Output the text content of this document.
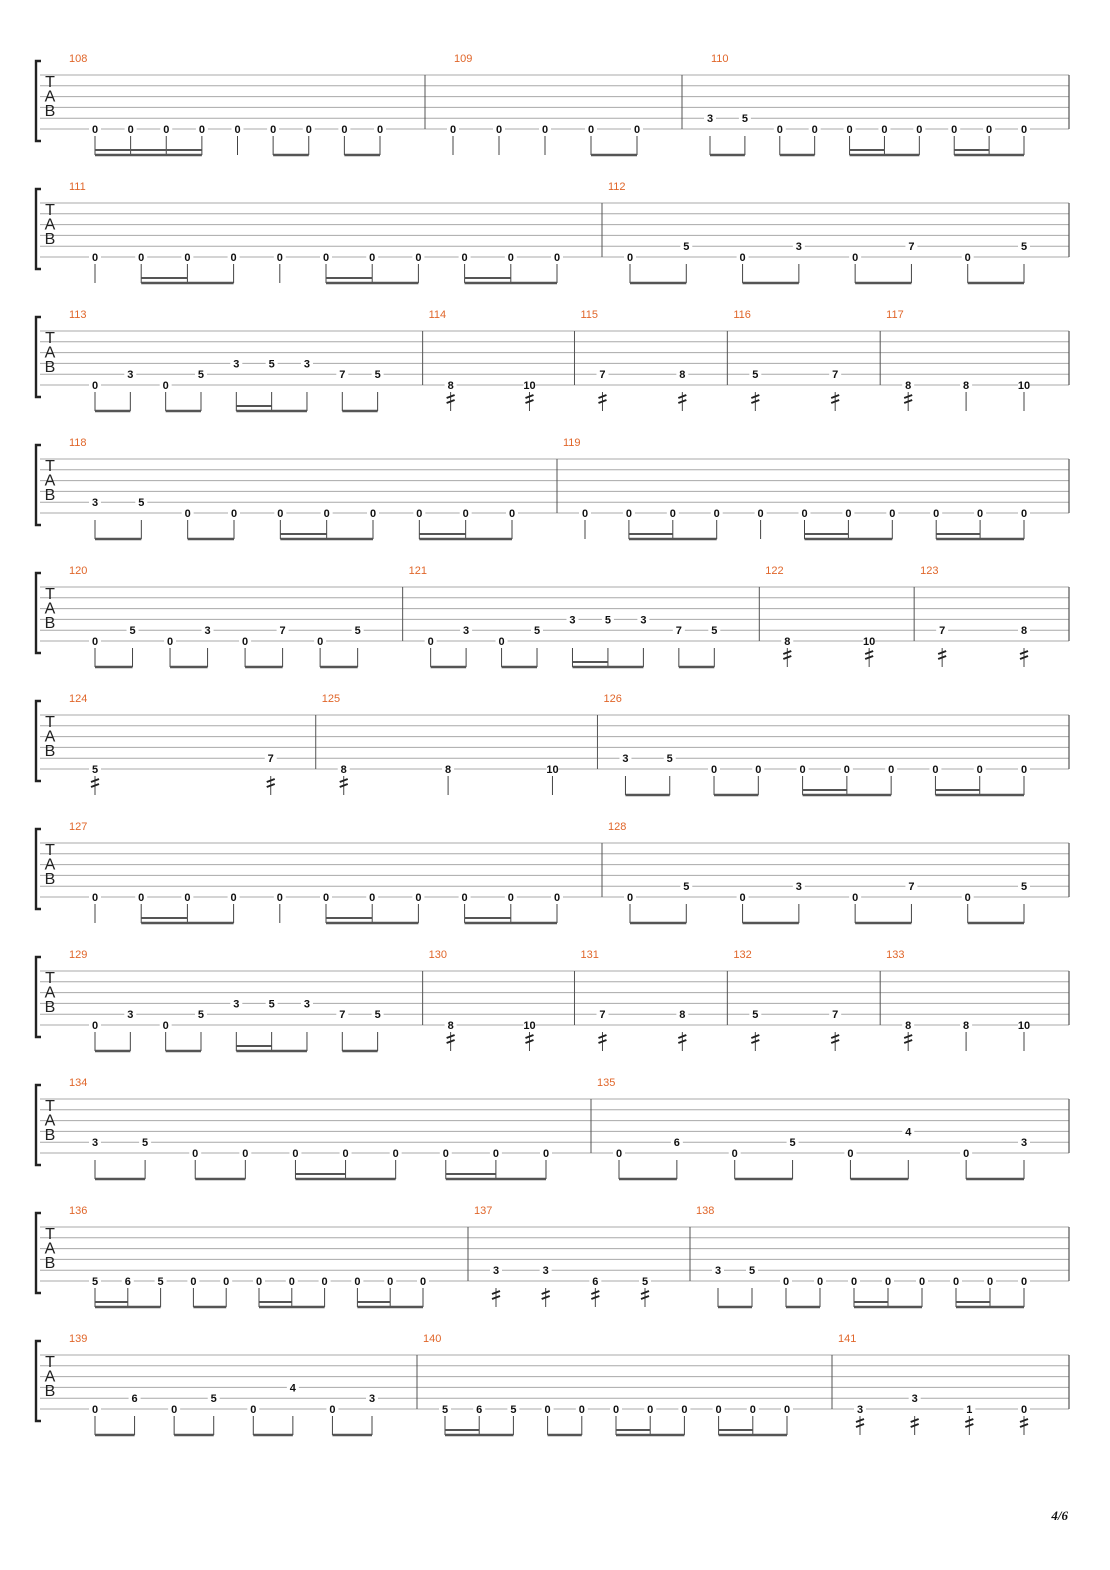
T
A
B
108
0	0	0	0	0	0	0	0	0
109
0	0	0	0	0
110
3	5
0	0	0	0	0	0	0	0
T
A
B
111
0	0	0	0	0	0	0	0	0	0	0
112
0
5
0
3
0
7
0
5
T
A
B
113
0
3
0
5
3	5	3
7	5
114
8	10
115
7	8
116
5	7
117
8	8	10
T
A
B
118
3	5
0	0	0	0	0	0	0	0
119
0	0	0	0	0	0	0	0	0	0	0
T
A
B
120
0
5
0
3
0
7
0
5
121
0
3
0
5
3	5	3
7	5
122
8	10
123
7	8
T
A
B
124
5
7
125
8	8	10
126
3	5
0	0	0	0	0	0	0	0
T
A
B
127
0	0	0	0	0	0	0	0	0	0	0
128
0
5
0
3
0
7
0
5
T
A
B
129
0
3
0
5
3	5	3
7	5
130
8	10
131
7	8
132
5	7
133
8	8	10
T
A
B
134
3	5
0	0	0	0	0	0	0	0
135
0
6
0
5
0
4
0
3
T
A
B
136
5 6 5 0 0 0 0 0 0 0 0
137
3	3
6	5
138
3	5
0	0	0	0	0	0	0	0
T
A
B
139
0
6
0
5
0
4
0
3
140
5	6	5	0	0	0	0	0	0	0	0
141
3
3
1	0
4/6
